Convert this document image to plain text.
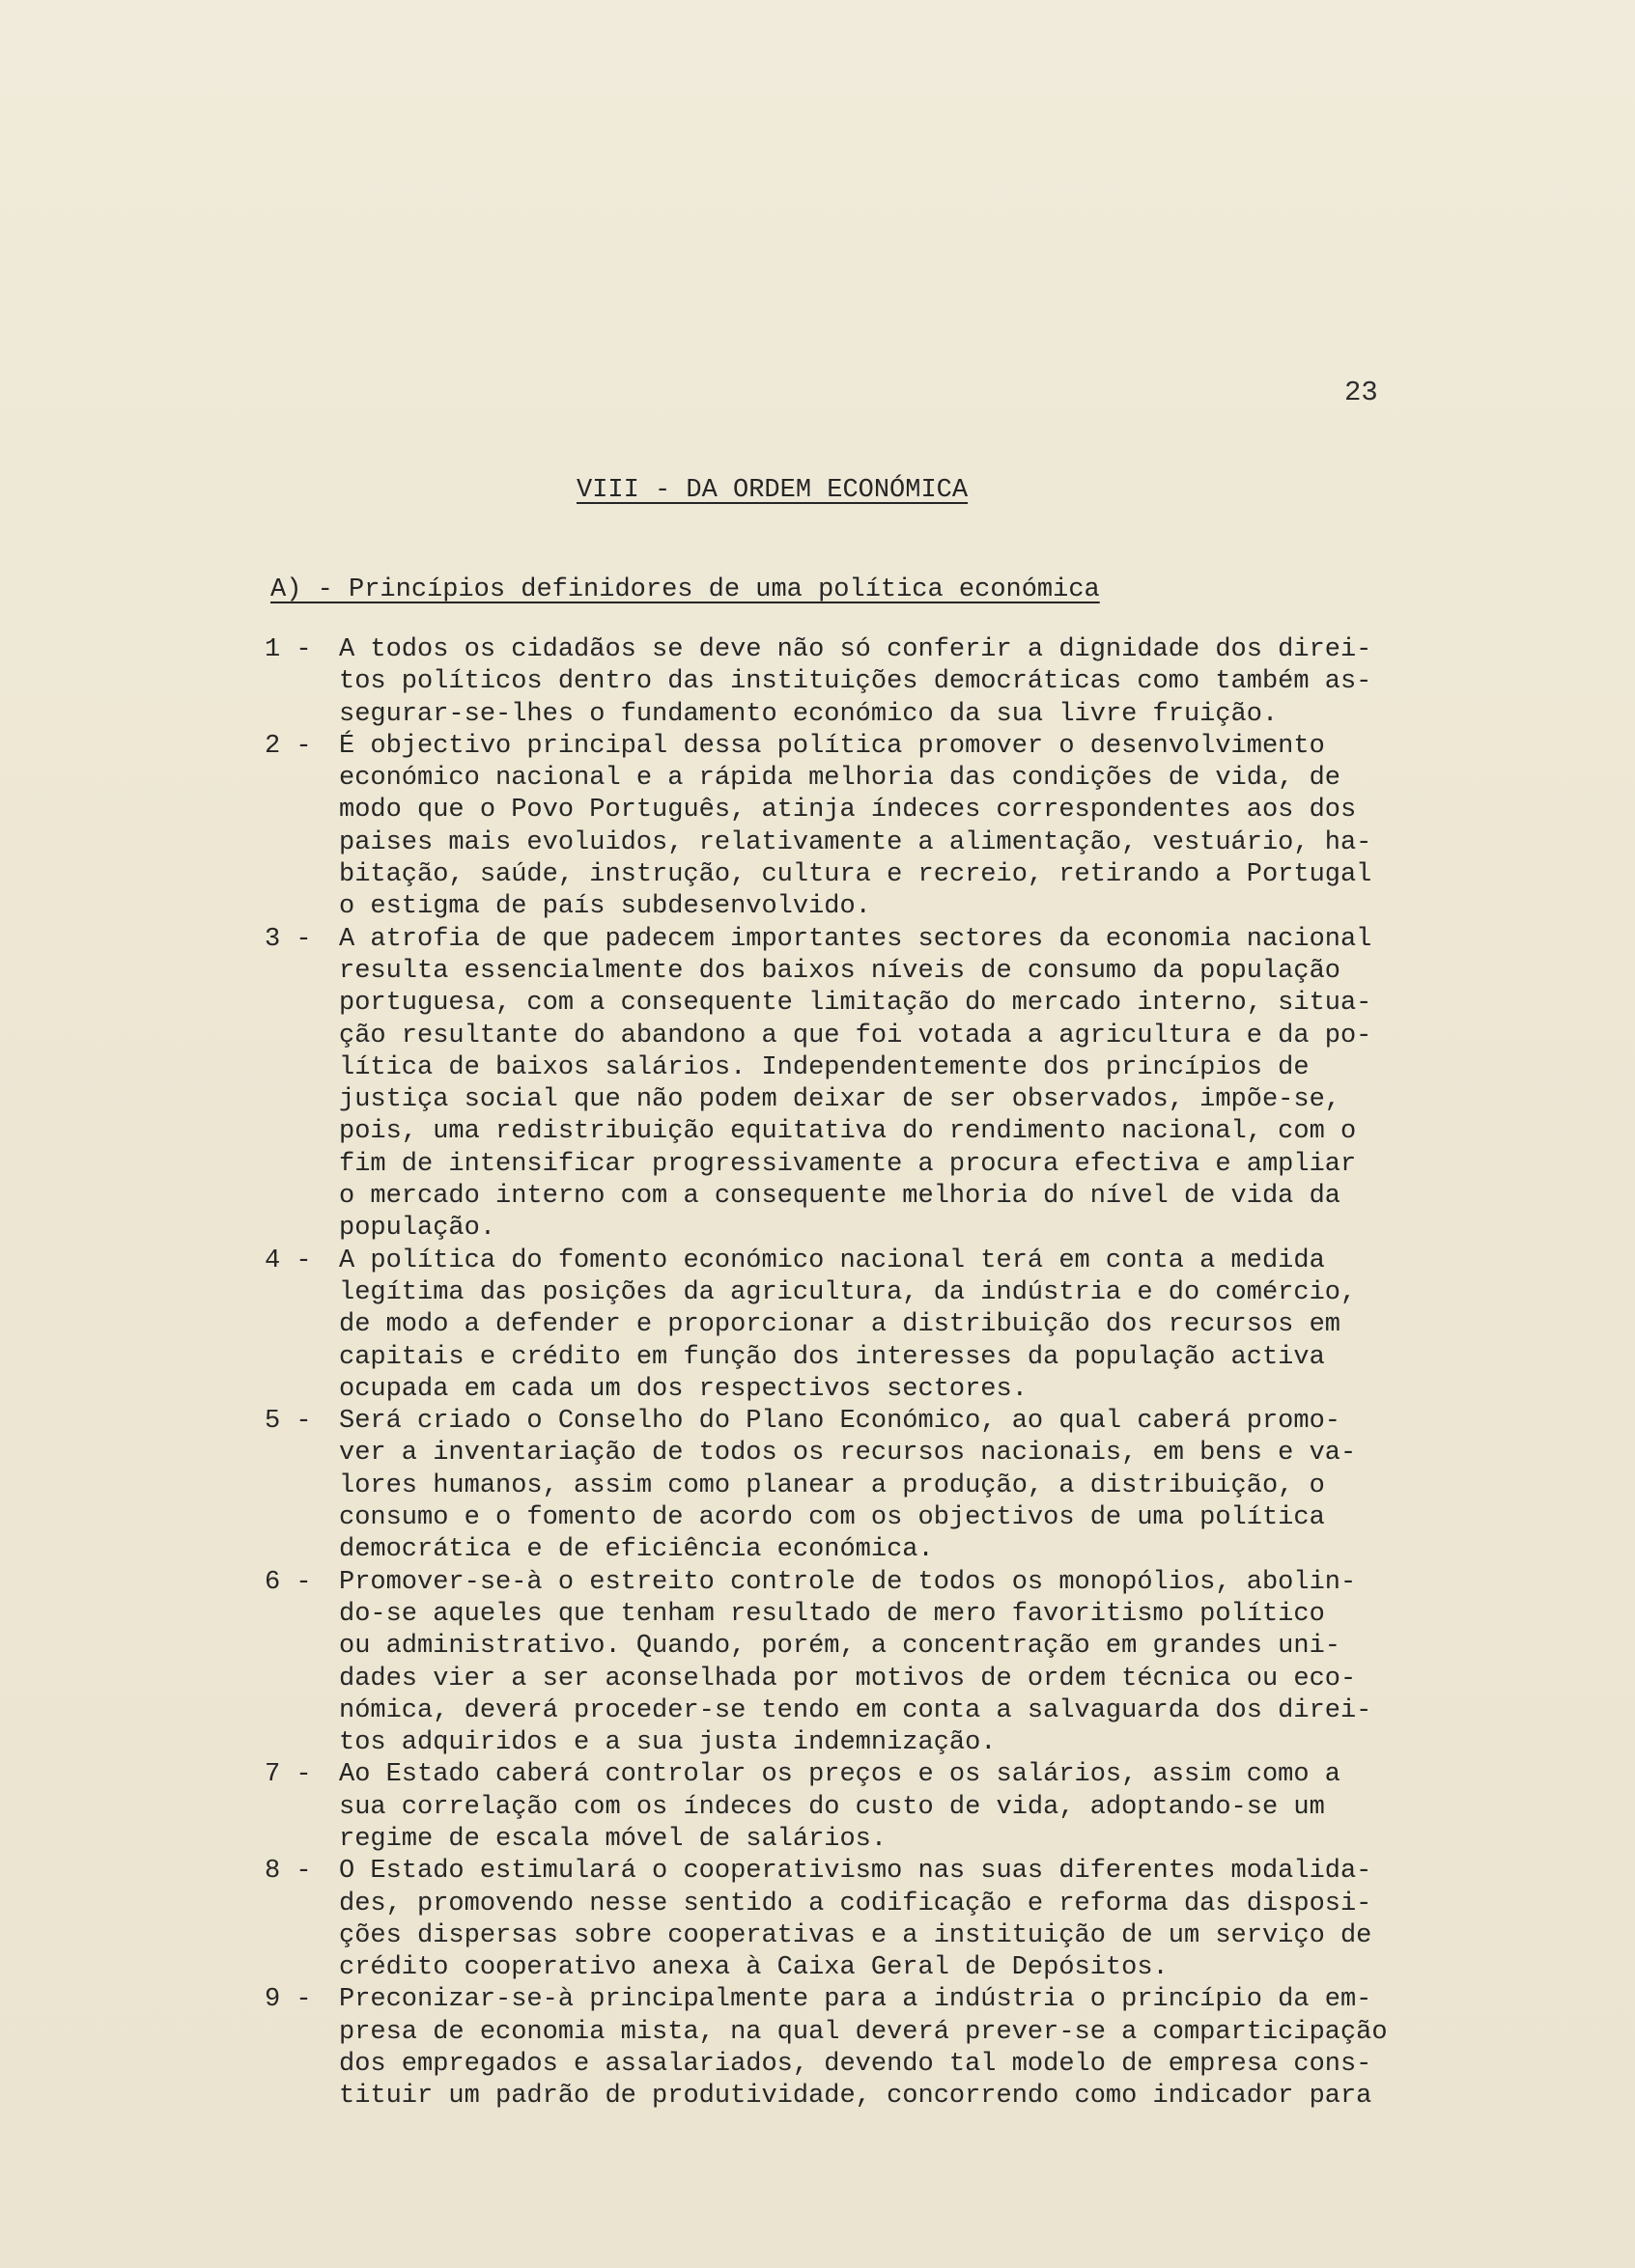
23
VIII - DA ORDEM ECONÓMICA
A) - Princípios definidores de uma política económica
1 - A todos os cidadãos se deve não só conferir a dignidade dos direi-
tos políticos dentro das instituições democráticas como também as-
segurar-se-lhes o fundamento económico da sua livre fruição.
2 - É objectivo principal dessa política promover o desenvolvimento
económico nacional e a rápida melhoria das condições de vida, de
modo que o Povo Português, atinja índeces correspondentes aos dos
paises mais evoluidos, relativamente a alimentação, vestuário, ha-
bitação, saúde, instrução, cultura e recreio, retirando a Portugal
o estigma de país subdesenvolvido.
3 - A atrofia de que padecem importantes sectores da economia nacional
resulta essencialmente dos baixos níveis de consumo da população
portuguesa, com a consequente limitação do mercado interno, situa-
ção resultante do abandono a que foi votada a agricultura e da po-
lítica de baixos salários. Independentemente dos princípios de
justiça social que não podem deixar de ser observados, impõe-se,
pois, uma redistribuição equitativa do rendimento nacional, com o
fim de intensificar progressivamente a procura efectiva e ampliar
o mercado interno com a consequente melhoria do nível de vida da
população.
4 - A política do fomento económico nacional terá em conta a medida
legítima das posições da agricultura, da indústria e do comércio,
de modo a defender e proporcionar a distribuição dos recursos em
capitais e crédito em função dos interesses da população activa
ocupada em cada um dos respectivos sectores.
5 - Será criado o Conselho do Plano Económico, ao qual caberá promo-
ver a inventariação de todos os recursos nacionais, em bens e va-
lores humanos, assim como planear a produção, a distribuição, o
consumo e o fomento de acordo com os objectivos de uma política
democrática e de eficiência económica.
6 - Promover-se-à o estreito controle de todos os monopólios, abolin-
do-se aqueles que tenham resultado de mero favoritismo político
ou administrativo. Quando, porém, a concentração em grandes uni-
dades vier a ser aconselhada por motivos de ordem técnica ou eco-
nómica, deverá proceder-se tendo em conta a salvaguarda dos direi-
tos adquiridos e a sua justa indemnização.
7 - Ao Estado caberá controlar os preços e os salários, assim como a
sua correlação com os índeces do custo de vida, adoptando-se um
regime de escala móvel de salários.
8 - O Estado estimulará o cooperativismo nas suas diferentes modalida-
des, promovendo nesse sentido a codificação e reforma das disposi-
ções dispersas sobre cooperativas e a instituição de um serviço de
crédito cooperativo anexa à Caixa Geral de Depósitos.
9 - Preconizar-se-à principalmente para a indústria o princípio da em-
presa de economia mista, na qual deverá prever-se a comparticipação
dos empregados e assalariados, devendo tal modelo de empresa cons-
tituir um padrão de produtividade, concorrendo como indicador para
